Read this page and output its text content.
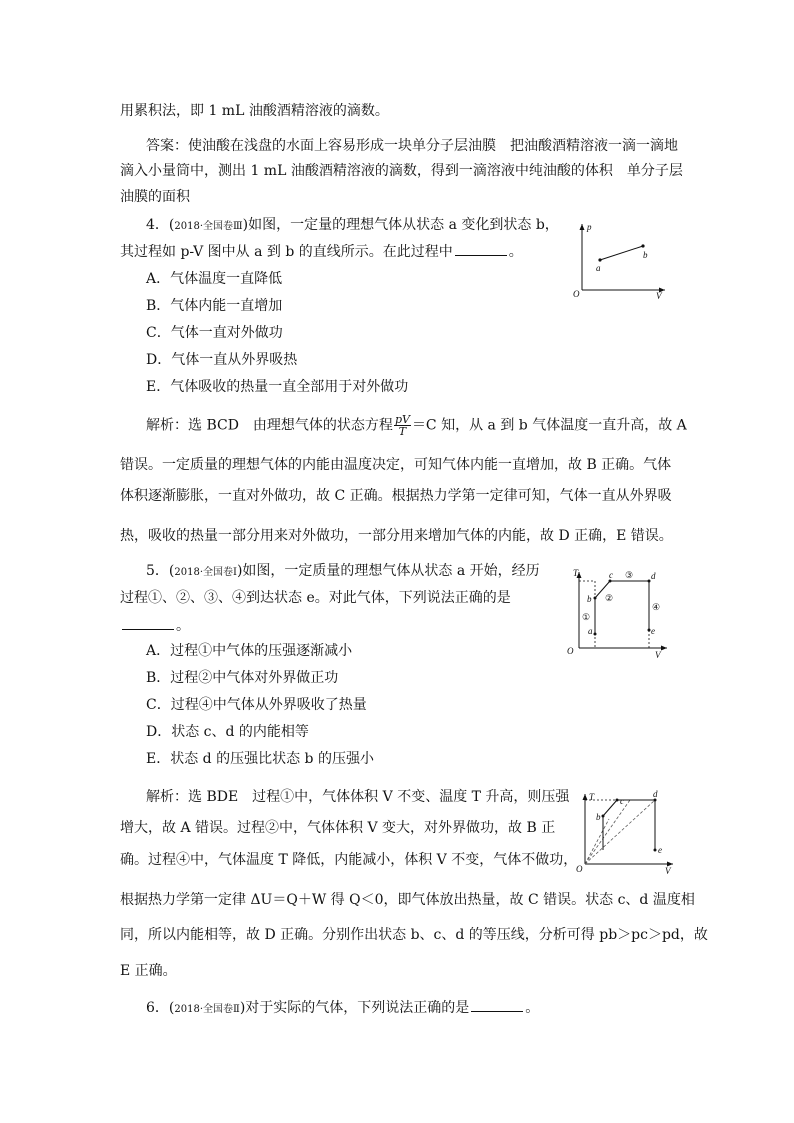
用累积法，即 1 mL 油酸酒精溶液的滴数。
答案：使油酸在浅盘的水面上容易形成一块单分子层油膜　把油酸酒精溶液一滴一滴地
滴入小量筒中，测出 1 mL 油酸酒精溶液的滴数，得到一滴溶液中纯油酸的体积　单分子层
油膜的面积
4．(2018·全国卷Ⅲ)如图，一定量的理想气体从状态 a 变化到状态 b，
其过程如 p-V 图中从 a 到 b 的直线所示。在此过程中	。
A．气体温度一直降低
B．气体内能一直增加
C．气体一直对外做功
D．气体一直从外界吸热
E．气体吸收的热量一直全部用于对外做功
p
V
O
a
b
解析：选 BCD　由理想气体的状态方程 $\frac{pV}{T} =C$ 知，从 a 到 b 气体温度一直升高，故 A
错误。一定质量的理想气体的内能由温度决定，可知气体内能一直增加，故 B 正确。气体
体积逐渐膨胀，一直对外做功，故 C 正确。根据热力学第一定律可知，气体一直从外界吸
热，吸收的热量一部分用来对外做功，一部分用来增加气体的内能，故 D 正确，E 错误。
5．(2018·全国卷Ⅰ)如图，一定质量的理想气体从状态 a 开始，经历
过程①、②、③、④到达状态 e。对此气体，下列说法正确的是
。
A．过程①中气体的压强逐渐减小
B．过程②中气体对外界做正功
C．过程④中气体从外界吸收了热量
D．状态 c、d 的内能相等
E．状态 d 的压强比状态 b 的压强小
T
V
O
a
b
c	d
e
①
②
③
④
解析：选 BDE　过程①中，气体体积 V 不变、温度 T 升高，则压强
增大，故 A 错误。过程②中，气体体积 V 变大，对外界做功，故 B 正
确。过程④中，气体温度 T 降低，内能减小，体积 V 不变，气体不做功，
根据热力学第一定律 ΔU＝Q＋W 得 Q＜0，即气体放出热量，故 C 错误。状态 c、d 温度相
同，所以内能相等，故 D 正确。分别作出状态 b、c、d 的等压线，分析可得 pb＞pc＞pd，故
E 正确。
T
V
O
b
c
d
e
6．(2018·全国卷Ⅱ)对于实际的气体，下列说法正确的是	。
